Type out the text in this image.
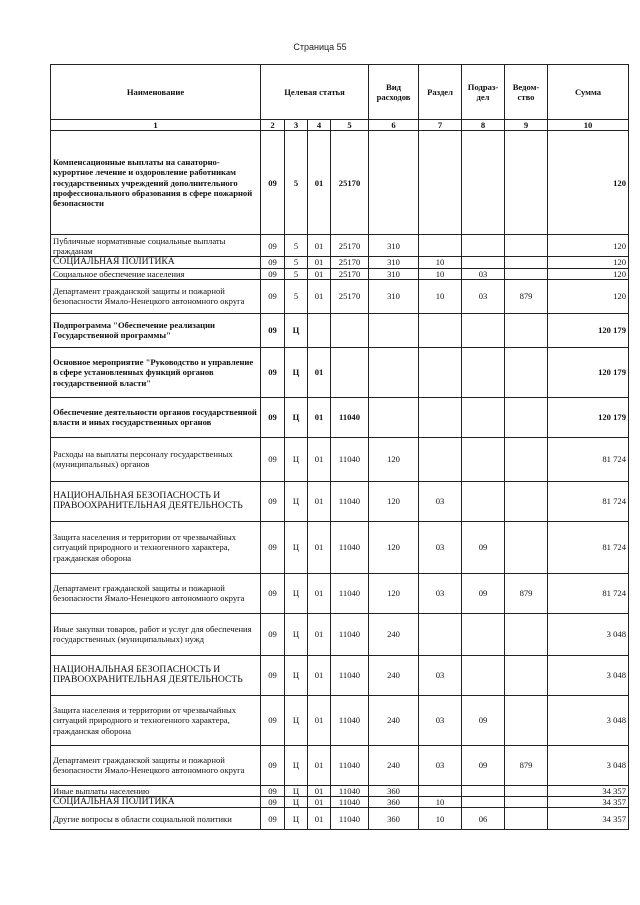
Страница 55
Наименование	Целевая статья				Вид расходов	Раздел	Подраз-дел	Ведом-ство	Сумма
1	2	3	4	5	6	7	8	9	10
Компенсационные выплаты на санаторно-курортное лечение и оздоровление работникам государственных учреждений дополнительного профессионального образования в сфере пожарной безопасности	09	5	01	25170					120
Публичные нормативные социальные выплаты гражданам	09	5	01	25170	310				120
СОЦИАЛЬНАЯ ПОЛИТИКА	09	5	01	25170	310	10			120
Социальное обеспечение населения	09	5	01	25170	310	10	03		120
Департамент гражданской защиты и пожарной безопасности Ямало-Ненецкого автономного округа	09	5	01	25170	310	10	03	879	120
Подпрограмма "Обеспечение реализации Государственной программы"	09	Ц							120 179
Основное мероприятие "Руководство и управление в сфере установленных функций органов государственной власти"	09	Ц	01						120 179
Обеспечение деятельности органов государственной власти и иных государственных органов	09	Ц	01	11040					120 179
Расходы на выплаты персоналу государственных (муниципальных) органов	09	Ц	01	11040	120				81 724
НАЦИОНАЛЬНАЯ БЕЗОПАСНОСТЬ И ПРАВООХРАНИТЕЛЬНАЯ ДЕЯТЕЛЬНОСТЬ	09	Ц	01	11040	120	03			81 724
Защита населения и территории от чрезвычайных ситуаций природного и техногенного характера, гражданская оборона	09	Ц	01	11040	120	03	09		81 724
Департамент гражданской защиты и пожарной безопасности Ямало-Ненецкого автономного округа	09	Ц	01	11040	120	03	09	879	81 724
Иные закупки товаров, работ и услуг для обеспечения государственных (муниципальных) нужд	09	Ц	01	11040	240				3 048
НАЦИОНАЛЬНАЯ БЕЗОПАСНОСТЬ И ПРАВООХРАНИТЕЛЬНАЯ ДЕЯТЕЛЬНОСТЬ	09	Ц	01	11040	240	03			3 048
Защита населения и территории от чрезвычайных ситуаций природного и техногенного характера, гражданская оборона	09	Ц	01	11040	240	03	09		3 048
Департамент гражданской защиты и пожарной безопасности Ямало-Ненецкого автономного округа	09	Ц	01	11040	240	03	09	879	3 048
Иные выплаты населению	09	Ц	01	11040	360				34 357
СОЦИАЛЬНАЯ ПОЛИТИКА	09	Ц	01	11040	360	10			34 357
Другие вопросы в области социальной политики	09	Ц	01	11040	360	10	06		34 357
